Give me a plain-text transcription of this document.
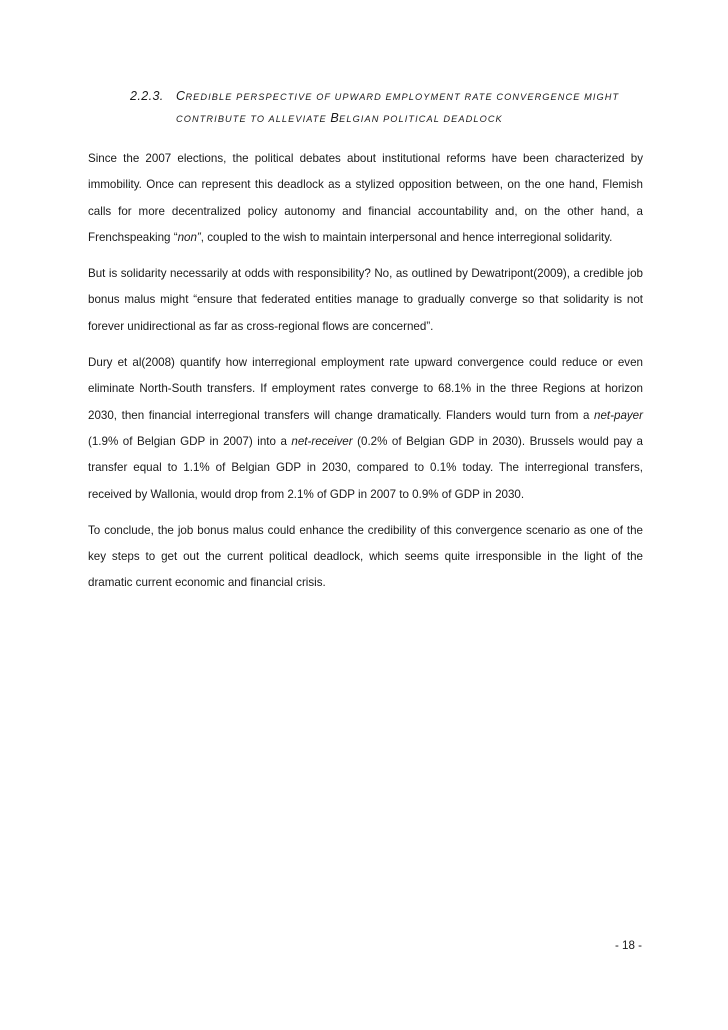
2.2.3. CREDIBLE PERSPECTIVE OF UPWARD EMPLOYMENT RATE CONVERGENCE MIGHT
CONTRIBUTE TO ALLEVIATE BELGIAN POLITICAL DEADLOCK

Since the 2007 elections, the political debates about institutional reforms have been characterized by immobility. Once can represent this deadlock as a stylized opposition between, on the one hand, Flemish calls for more decentralized policy autonomy and financial accountability and, on the other hand, a Frenchspeaking “non”, coupled to the wish to maintain interpersonal and hence interregional solidarity.

But is solidarity necessarily at odds with responsibility? No, as outlined by Dewatripont(2009), a credible job bonus malus might “ensure that federated entities manage to gradually converge so that solidarity is not forever unidirectional as far as cross-regional flows are concerned”.

Dury et al(2008) quantify how interregional employment rate upward convergence could reduce or even eliminate North-South transfers. If employment rates converge to 68.1% in the three Regions at horizon 2030, then financial interregional transfers will change dramatically. Flanders would turn from a net-payer (1.9% of Belgian GDP in 2007) into a net-receiver (0.2% of Belgian GDP in 2030). Brussels would pay a transfer equal to 1.1% of Belgian GDP in 2030, compared to 0.1% today. The interregional transfers, received by Wallonia, would drop from 2.1% of GDP in 2007 to 0.9% of GDP in 2030.

To conclude, the job bonus malus could enhance the credibility of this convergence scenario as one of the key steps to get out the current political deadlock, which seems quite irresponsible in the light of the dramatic current economic and financial crisis.

- 18 -
